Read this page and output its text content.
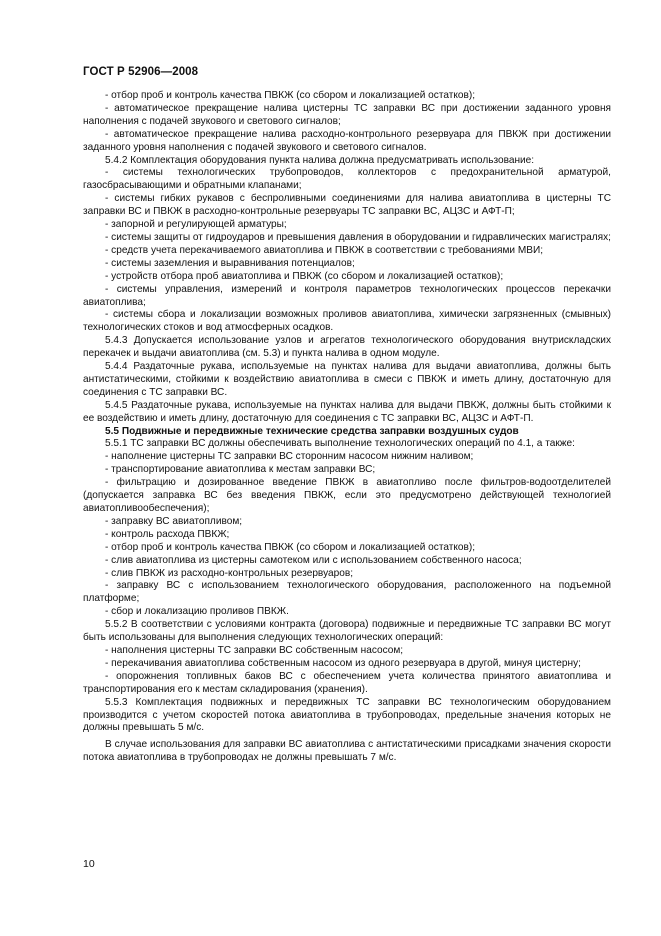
ГОСТ Р 52906—2008

- отбор проб и контроль качества ПВКЖ (со сбором и локализацией остатков);

- автоматическое прекращение налива цистерны ТС заправки ВС при достижении заданного уровня наполнения с подачей звукового и светового сигналов;

- автоматическое прекращение налива расходно-контрольного резервуара для ПВКЖ при достижении заданного уровня наполнения с подачей звукового и светового сигналов.

5.4.2 Комплектация оборудования пункта налива должна предусматривать использование:

- системы технологических трубопроводов, коллекторов с предохранительной арматурой, газосбрасывающими и обратными клапанами;

- системы гибких рукавов с беспроливными соединениями для налива авиатоплива в цистерны ТС заправки ВС и ПВКЖ в расходно-контрольные резервуары ТС заправки ВС, АЦЗС и АФТ-П;

- запорной и регулирующей арматуры;

- системы защиты от гидроударов и превышения давления в оборудовании и гидравлических магистралях;

- средств учета перекачиваемого авиатоплива и ПВКЖ в соответствии с требованиями МВИ;

- системы заземления и выравнивания потенциалов;

- устройств отбора проб авиатоплива и ПВКЖ (со сбором и локализацией остатков);

- системы управления, измерений и контроля параметров технологических процессов перекачки авиатоплива;

- системы сбора и локализации возможных проливов авиатоплива, химически загрязненных (смывных) технологических стоков и вод атмосферных осадков.

5.4.3 Допускается использование узлов и агрегатов технологического оборудования внутрискладских перекачек и выдачи авиатоплива (см. 5.3) и пункта налива в одном модуле.

5.4.4 Раздаточные рукава, используемые на пунктах налива для выдачи авиатоплива, должны быть антистатическими, стойкими к воздействию авиатоплива в смеси с ПВКЖ и иметь длину, достаточную для соединения с ТС заправки ВС.

5.4.5 Раздаточные рукава, используемые на пунктах налива для выдачи ПВКЖ, должны быть стойкими к ее воздействию и иметь длину, достаточную для соединения с ТС заправки ВС, АЦЗС и АФТ-П.

5.5 Подвижные и передвижные технические средства заправки воздушных судов

5.5.1 ТС заправки ВС должны обеспечивать выполнение технологических операций по 4.1, а также:

- наполнение цистерны ТС заправки ВС сторонним насосом нижним наливом;

- транспортирование авиатоплива к местам заправки ВС;

- фильтрацию и дозированное введение ПВКЖ в авиатопливо после фильтров-водоотделителей (допускается заправка ВС без введения ПВКЖ, если это предусмотрено действующей технологией авиатопливообеспечения);

- заправку ВС авиатопливом;

- контроль расхода ПВКЖ;

- отбор проб и контроль качества ПВКЖ (со сбором и локализацией остатков);

- слив авиатоплива из цистерны самотеком или с использованием собственного насоса;

- слив ПВКЖ из расходно-контрольных резервуаров;

- заправку ВС с использованием технологического оборудования, расположенного на подъемной платформе;

- сбор и локализацию проливов ПВКЖ.

5.5.2 В соответствии с условиями контракта (договора) подвижные и передвижные ТС заправки ВС могут быть использованы для выполнения следующих технологических операций:

- наполнения цистерны ТС заправки ВС собственным насосом;

- перекачивания авиатоплива собственным насосом из одного резервуара в другой, минуя цистерну;

- опорожнения топливных баков ВС с обеспечением учета количества принятого авиатоплива и транспортирования его к местам складирования (хранения).

5.5.3 Комплектация подвижных и передвижных ТС заправки ВС технологическим оборудованием производится с учетом скоростей потока авиатоплива в трубопроводах, предельные значения которых не должны превышать 5 м/с.

В случае использования для заправки ВС авиатоплива с антистатическими присадками значения скорости потока авиатоплива в трубопроводах не должны превышать 7 м/с.

10
